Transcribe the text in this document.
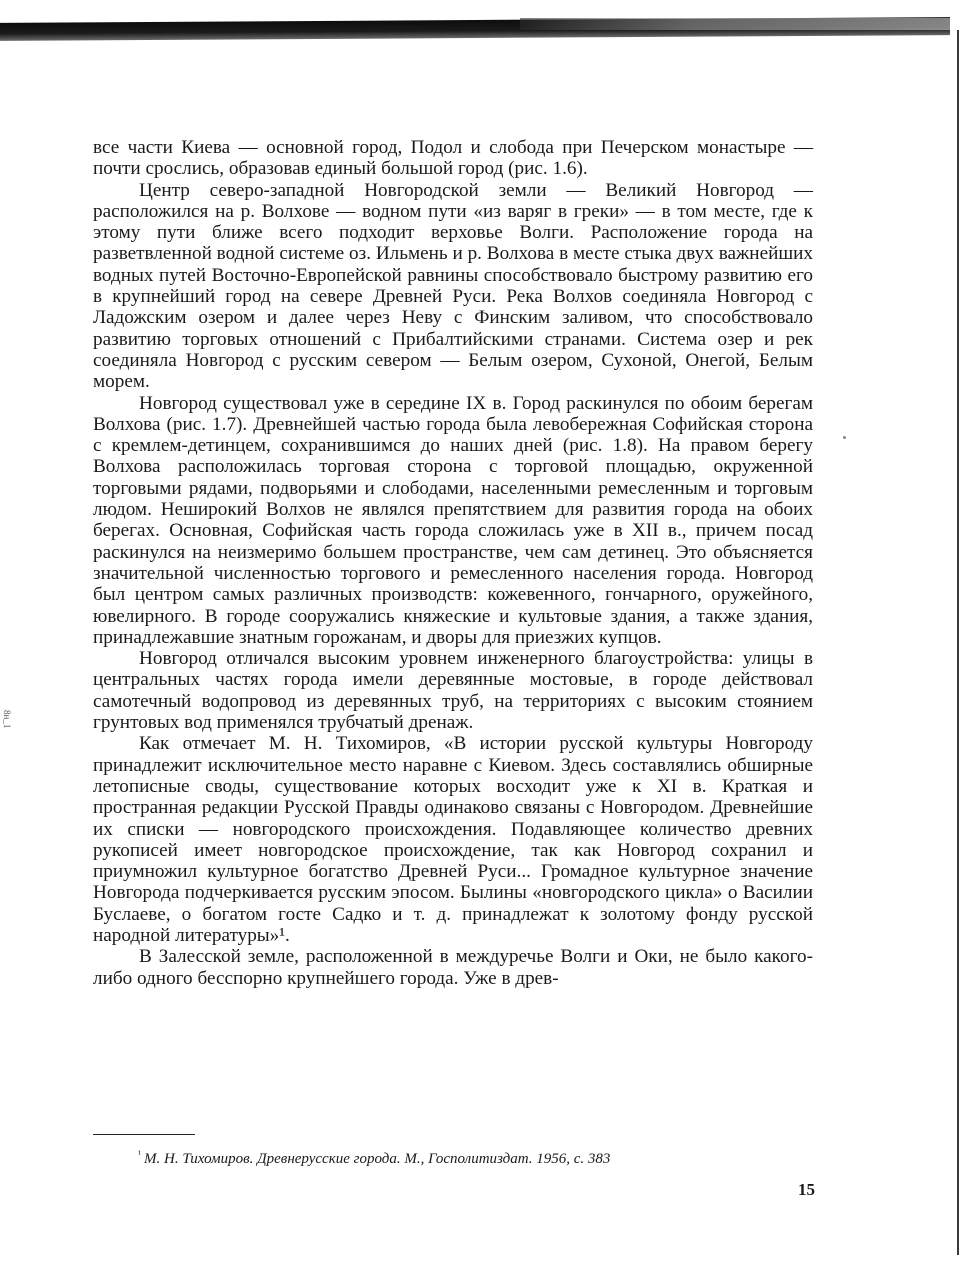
8н_1

все части Киева — основной город, Подол и слобода при Печерском монастыре — почти срослись, образовав единый большой город (рис. 1.6).

Центр северо-западной Новгородской земли — Великий Новгород — расположился на р. Волхове — водном пути «из варяг в греки» — в том месте, где к этому пути ближе всего подходит верховье Волги. Расположение города на разветвленной водной системе оз. Ильмень и р. Волхова в месте стыка двух важнейших водных путей Восточно-Европейской равнины способствовало быстрому развитию его в крупнейший город на севере Древней Руси. Река Волхов соединяла Новгород с Ладожским озером и далее через Неву с Финским заливом, что способствовало развитию торговых отношений с Прибалтийскими странами. Система озер и рек соединяла Новгород с русским севером — Белым озером, Сухоной, Онегой, Белым морем.

Новгород существовал уже в середине IX в. Город раскинулся по обоим берегам Волхова (рис. 1.7). Древнейшей частью города была левобережная Софийская сторона с кремлем-детинцем, сохранившимся до наших дней (рис. 1.8). На правом берегу Волхова расположилась торговая сторона с торговой площадью, окруженной торговыми рядами, подворьями и слободами, населенными ремесленным и торговым людом. Неширокий Волхов не являлся препятствием для развития города на обоих берегах. Основная, Софийская часть города сложилась уже в XII в., причем посад раскинулся на неизмеримо большем пространстве, чем сам детинец. Это объясняется значительной численностью торгового и ремесленного населения города. Новгород был центром самых различных производств: кожевенного, гончарного, оружейного, ювелирного. В городе сооружались княжеские и культовые здания, а также здания, принадлежавшие знатным горожанам, и дворы для приезжих купцов.

Новгород отличался высоким уровнем инженерного благоустройства: улицы в центральных частях города имели деревянные мостовые, в городе действовал самотечный водопровод из деревянных труб, на территориях с высоким стоянием грунтовых вод применялся трубчатый дренаж.

Как отмечает М. Н. Тихомиров, «В истории русской культуры Новгороду принадлежит исключительное место наравне с Киевом. Здесь составлялись обширные летописные своды, существование которых восходит уже к XI в. Краткая и пространная редакции Русской Правды одинаково связаны с Новгородом. Древнейшие их списки — новгородского происхождения. Подавляющее количество древних рукописей имеет новгородское происхождение, так как Новгород сохранил и приумножил культурное богатство Древней Руси... Громадное культурное значение Новгорода подчеркивается русским эпосом. Былины «новгородского цикла» о Василии Буслаеве, о богатом госте Садко и т. д. принадлежат к золотому фонду русской народной литературы»¹.

В Залесской земле, расположенной в междуречье Волги и Оки, не было какого-либо одного бесспорно крупнейшего города. Уже в древ-

$^{^1}$ М. Н. Тихомиров. Древнерусские города. М., Госполитиздат. 1956, с. 383
15
